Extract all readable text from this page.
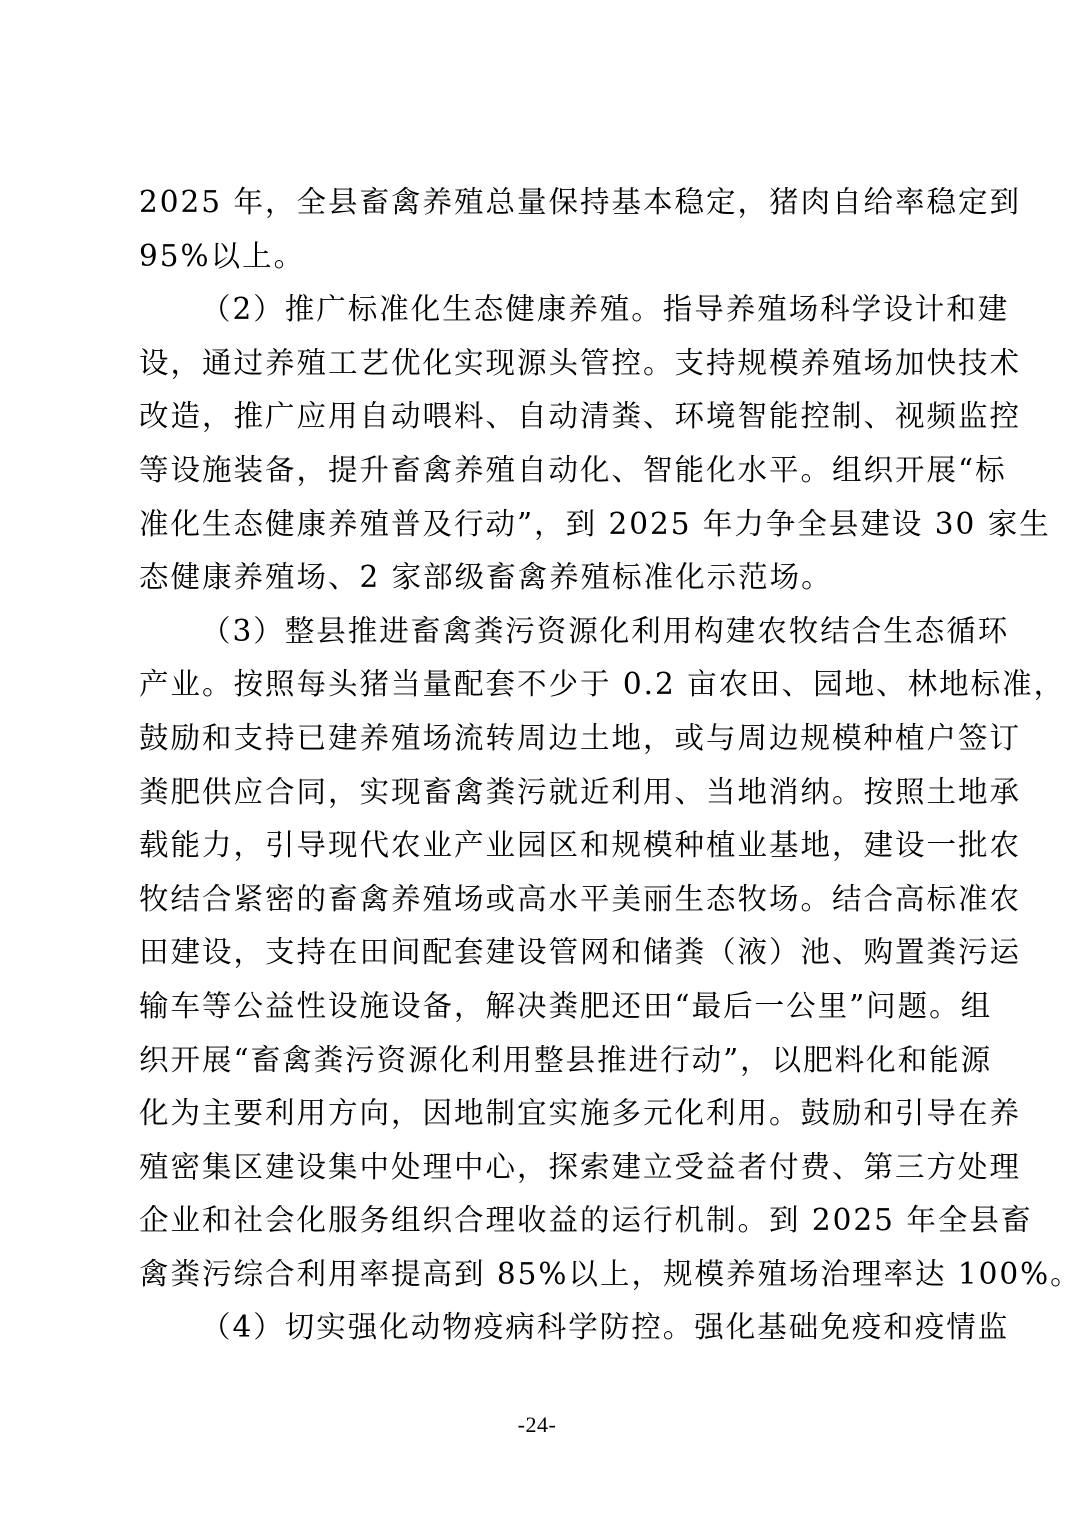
2025 年，全县畜禽养殖总量保持基本稳定，猪肉自给率稳定到
95%以上。
（2）推广标准化生态健康养殖。指导养殖场科学设计和建
设，通过养殖工艺优化实现源头管控。支持规模养殖场加快技术
改造，推广应用自动喂料、自动清粪、环境智能控制、视频监控
等设施装备，提升畜禽养殖自动化、智能化水平。组织开展“标
准化生态健康养殖普及行动”，到 2025 年力争全县建设 30 家生
态健康养殖场、2 家部级畜禽养殖标准化示范场。
（3）整县推进畜禽粪污资源化利用构建农牧结合生态循环
产业。按照每头猪当量配套不少于 0.2 亩农田、园地、林地标准，
鼓励和支持已建养殖场流转周边土地，或与周边规模种植户签订
粪肥供应合同，实现畜禽粪污就近利用、当地消纳。按照土地承
载能力，引导现代农业产业园区和规模种植业基地，建设一批农
牧结合紧密的畜禽养殖场或高水平美丽生态牧场。结合高标准农
田建设，支持在田间配套建设管网和储粪（液）池、购置粪污运
输车等公益性设施设备，解决粪肥还田“最后一公里”问题。组
织开展“畜禽粪污资源化利用整县推进行动”，以肥料化和能源
化为主要利用方向，因地制宜实施多元化利用。鼓励和引导在养
殖密集区建设集中处理中心，探索建立受益者付费、第三方处理
企业和社会化服务组织合理收益的运行机制。到 2025 年全县畜
禽粪污综合利用率提高到 85%以上，规模养殖场治理率达 100%。
（4）切实强化动物疫病科学防控。强化基础免疫和疫情监
-24-
